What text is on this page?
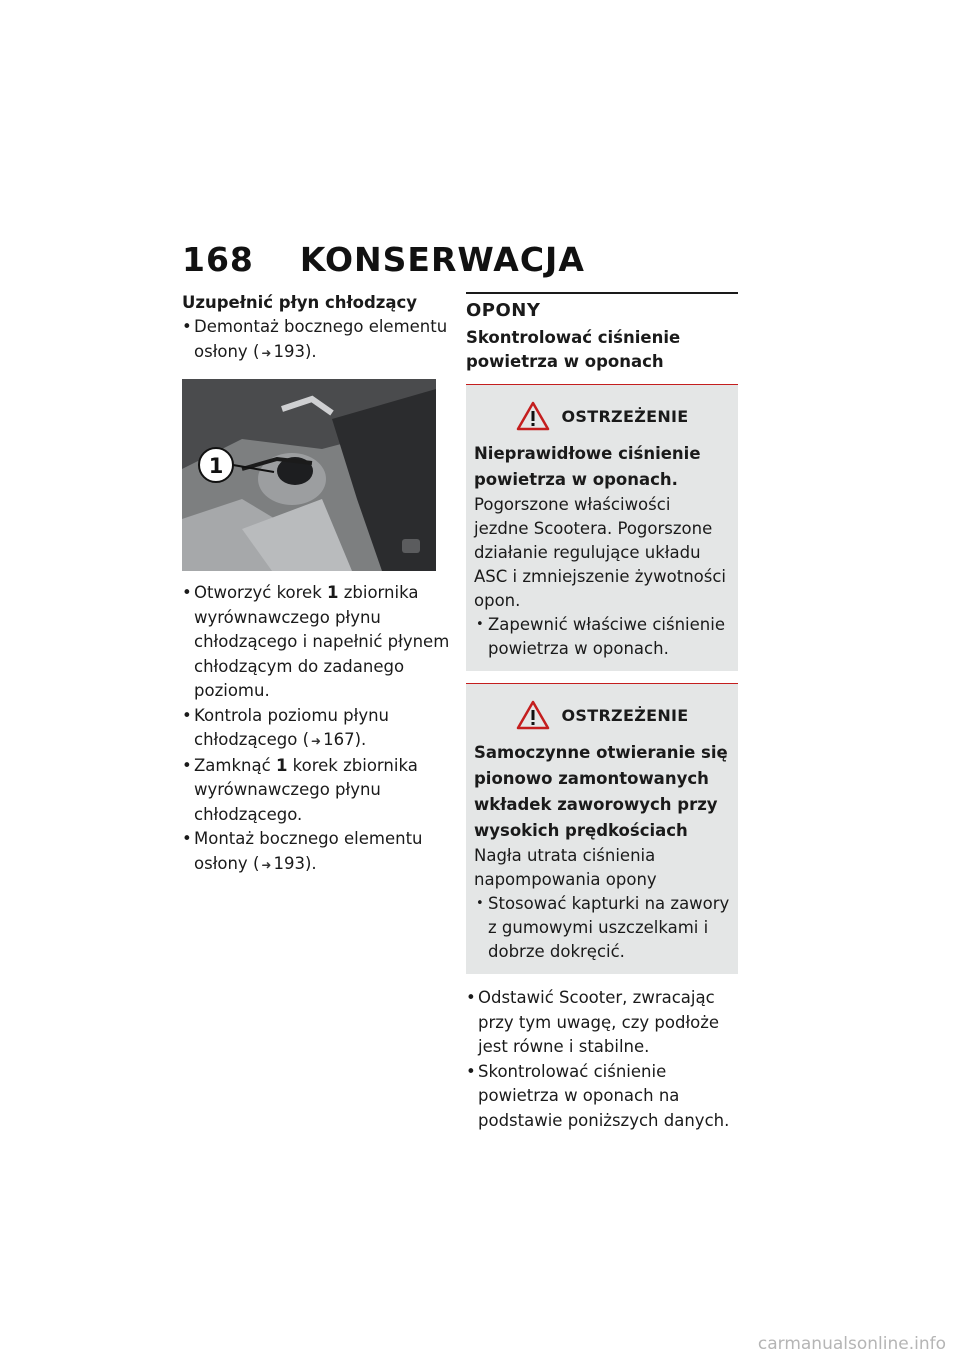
168 KONSERWACJA

Uzupełnić płyn chłodzący

• Demontaż bocznego elementu osłony ( ➜ 193).
1
• Otworzyć korek 1 zbiornika wyrównawczego płynu chłodzącego i napełnić płynem chłodzącym do zadanego poziomu.
• Kontrola poziomu płynu chłodzącego ( ➜ 167).
• Zamknąć 1 korek zbiornika wyrównawczego płynu chłodzącego.
• Montaż bocznego elementu osłony ( ➜ 193).

OPONY

Skontrolować ciśnienie powietrza w oponach

OSTRZEŻENIE

Nieprawidłowe ciśnienie powietrza w oponach.

Pogorszone właściwości jezdne Scootera. Pogorszone działanie regulujące układu ASC i zmniejszenie żywotności opon.

• Zapewnić właściwe ciśnienie powietrza w oponach.
OSTRZEŻENIE

Samoczynne otwieranie się pionowo zamontowanych wkładek zaworowych przy wysokich prędkościach

Nagła utrata ciśnienia napompowania opony

• Stosować kapturki na zawory z gumowymi uszczelkami i dobrze dokręcić.
• Odstawić Scooter, zwracając przy tym uwagę, czy podłoże jest równe i stabilne.
• Skontrolować ciśnienie powietrza w oponach na podstawie poniższych danych.
carmanualsonline.info
